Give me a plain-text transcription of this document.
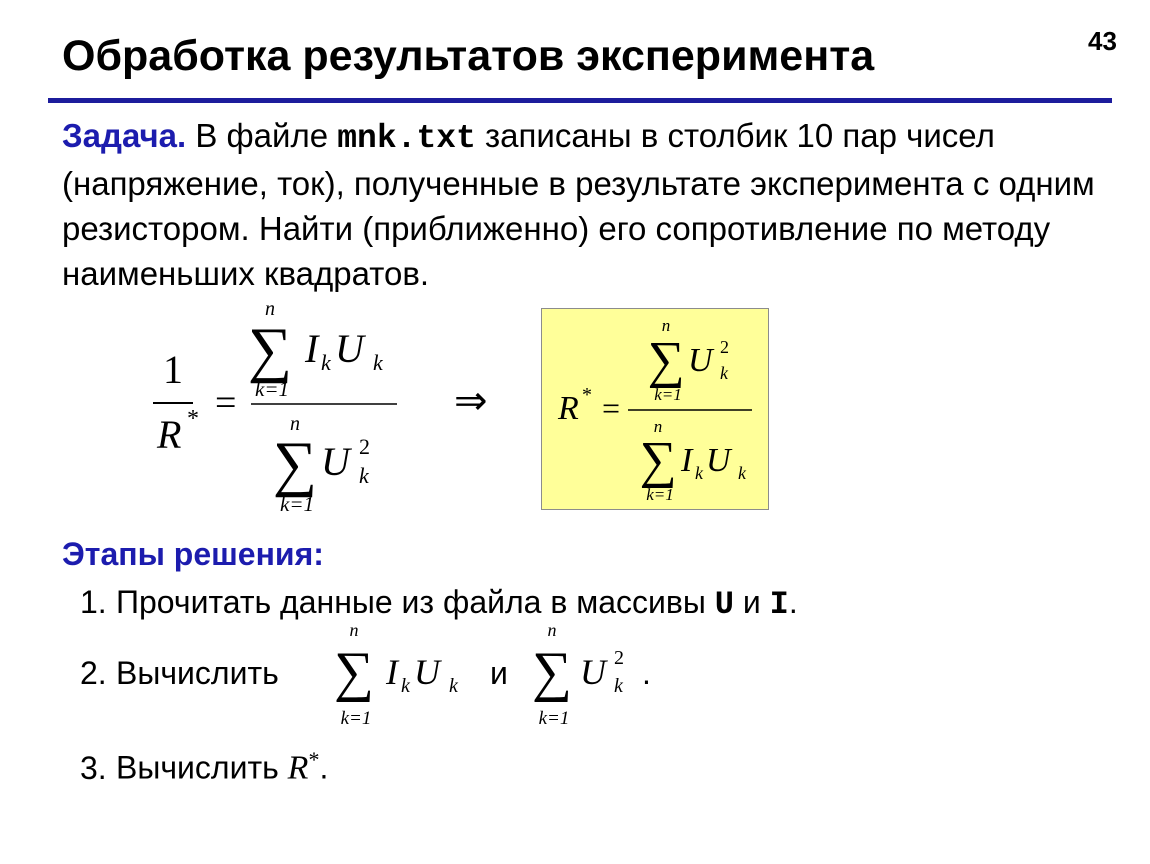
43
Обработка результатов эксперимента
Задача. В файле mnk.txt записаны в столбик 10 пар чисел (напряжение, ток), полученные в результате эксперимента с одним резистором. Найти (приближенно) его сопротивление по методу наименьших квадратов.
1
R * =
n
∑
k=1
I k U k
n
∑
k=1
U 2
k
⇒ R * =
n
∑
k=1
U 2
k
n
∑
k=1
I k U k
Этапы решения:
1. Прочитать данные из файла в массивы U и I.
2. Вычислить
n
∑
k=1
I k U k и
n
∑
k=1
U 2
k .
3. Вычислить R*.
